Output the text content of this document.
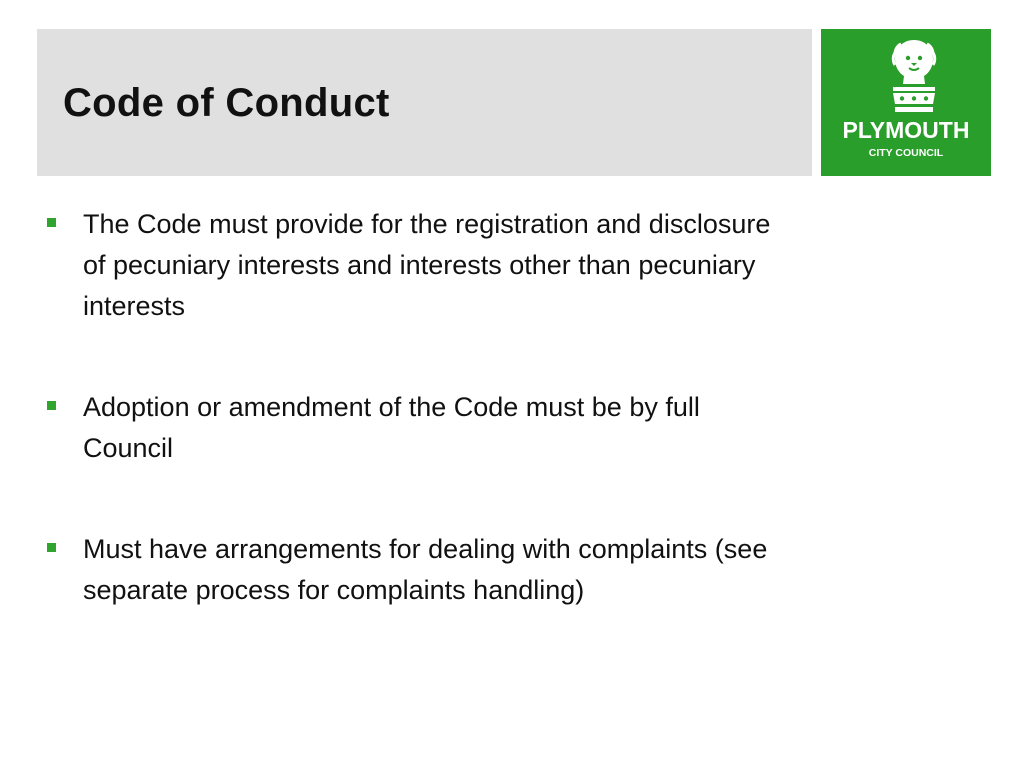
Code of Conduct
PLYMOUTH
CITY COUNCIL
The Code must provide for the registration and disclosure of pecuniary interests and interests other than pecuniary interests
Adoption or amendment of the Code must be by full Council
Must have arrangements for dealing with complaints (see separate process for complaints handling)
